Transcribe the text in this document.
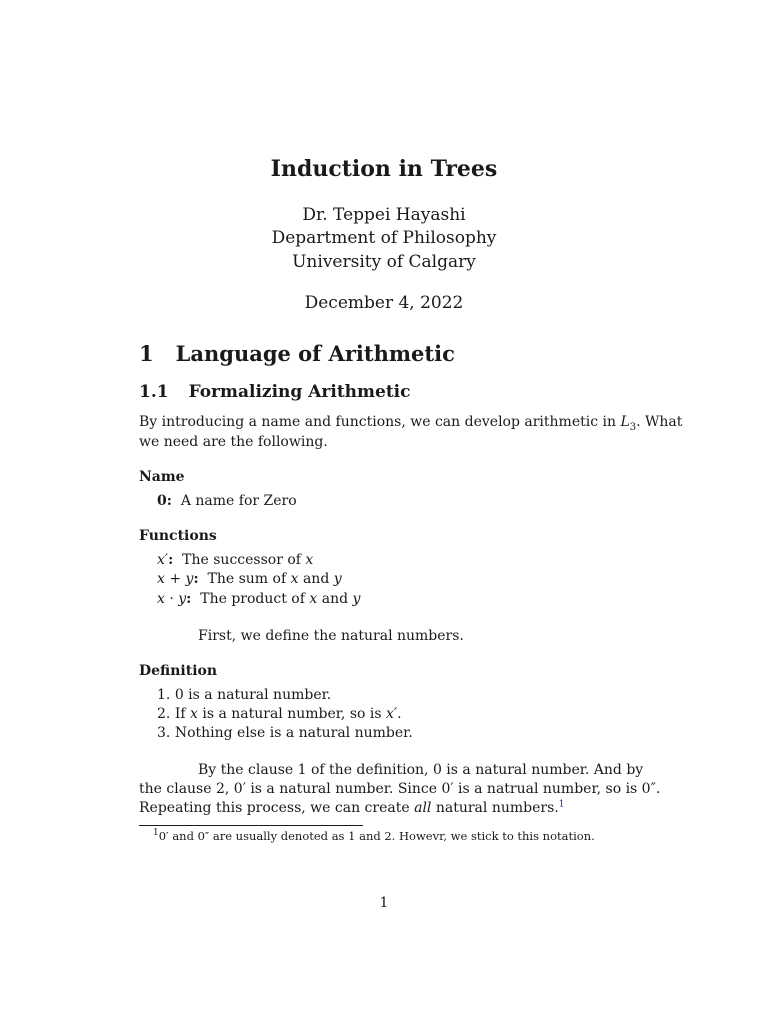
Induction in Trees
Dr. Teppei Hayashi
Department of Philosophy
University of Calgary
December 4, 2022
1 Language of Arithmetic
1.1 Formalizing Arithmetic
By introducing a name and functions, we can develop arithmetic in $L_3$. What
we need are the following.
Name
0: A name for Zero
Functions
x′: The successor of x
x + y: The sum of x and y
x · y: The product of x and y
First, we define the natural numbers.
Definition
1. 0 is a natural number.
2. If x is a natural number, so is x′.
3. Nothing else is a natural number.
By the clause 1 of the definition, 0 is a natural number. And by
the clause 2, 0′ is a natural number. Since 0′ is a natrual number, so is 0″.
Repeating this process, we can create all natural numbers.$^1$
$^1$0′ and 0″ are usually denoted as 1 and 2. Howevr, we stick to this notation.
1
